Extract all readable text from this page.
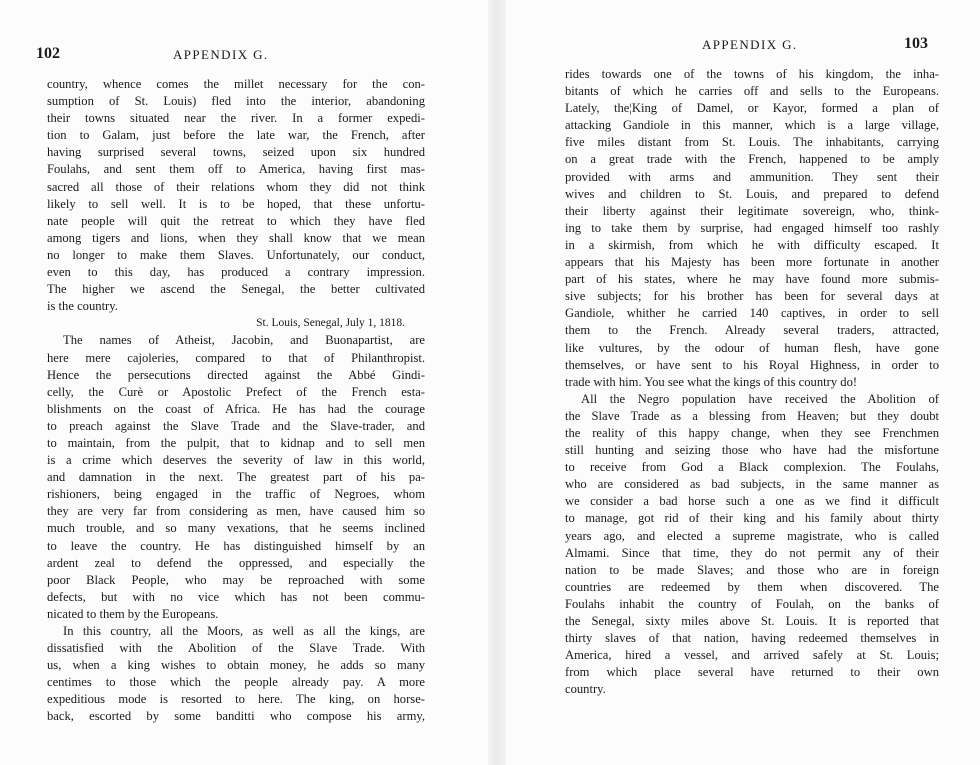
102	APPENDIX G.
country, whence comes the millet necessary for the con-
sumption of St. Louis) fled into the interior, abandoning
their towns situated near the river. In a former expedi-
tion to Galam, just before the late war, the French, after
having surprised several towns, seized upon six hundred
Foulahs, and sent them off to America, having first mas-
sacred all those of their relations whom they did not think
likely to sell well. It is to be hoped, that these unfortu-
nate people will quit the retreat to which they have fled
among tigers and lions, when they shall know that we mean
no longer to make them Slaves. Unfortunately, our conduct,
even to this day, has produced a contrary impression.
The higher we ascend the Senegal, the better cultivated
is the country.
St. Louis, Senegal, July 1, 1818.
The names of Atheist, Jacobin, and Buonapartist, are
here mere cajoleries, compared to that of Philanthropist.
Hence the persecutions directed against the Abbé Gindi-
celly, the Curè or Apostolic Prefect of the French esta-
blishments on the coast of Africa. He has had the courage
to preach against the Slave Trade and the Slave-trader, and
to maintain, from the pulpit, that to kidnap and to sell men
is a crime which deserves the severity of law in this world,
and damnation in the next. The greatest part of his pa-
rishioners, being engaged in the traffic of Negroes, whom
they are very far from considering as men, have caused him so
much trouble, and so many vexations, that he seems inclined
to leave the country. He has distinguished himself by an
ardent zeal to defend the oppressed, and especially the
poor Black People, who may be reproached with some
defects, but with no vice which has not been commu-
nicated to them by the Europeans.
In this country, all the Moors, as well as all the kings, are
dissatisfied with the Abolition of the Slave Trade. With
us, when a king wishes to obtain money, he adds so many
centimes to those which the people already pay. A more
expeditious mode is resorted to here. The king, on horse-
back, escorted by some banditti who compose his army,
APPENDIX G.	103
rides towards one of the towns of his kingdom, the inha-
bitants of which he carries off and sells to the Europeans.
Lately, the¦King of Damel, or Kayor, formed a plan of
attacking Gandiole in this manner, which is a large village,
five miles distant from St. Louis. The inhabitants, carrying
on a great trade with the French, happened to be amply
provided with arms and ammunition. They sent their
wives and children to St. Louis, and prepared to defend
their liberty against their legitimate sovereign, who, think-
ing to take them by surprise, had engaged himself too rashly
in a skirmish, from which he with difficulty escaped. It
appears that his Majesty has been more fortunate in another
part of his states, where he may have found more submis-
sive subjects; for his brother has been for several days at
Gandiole, whither he carried 140 captives, in order to sell
them to the French. Already several traders, attracted,
like vultures, by the odour of human flesh, have gone
themselves, or have sent to his Royal Highness, in order to
trade with him. You see what the kings of this country do!
All the Negro population have received the Abolition of
the Slave Trade as a blessing from Heaven; but they doubt
the reality of this happy change, when they see Frenchmen
still hunting and seizing those who have had the misfortune
to receive from God a Black complexion. The Foulahs,
who are considered as bad subjects, in the same manner as
we consider a bad horse such a one as we find it difficult
to manage, got rid of their king and his family about thirty
years ago, and elected a supreme magistrate, who is called
Almami. Since that time, they do not permit any of their
nation to be made Slaves; and those who are in foreign
countries are redeemed by them when discovered. The
Foulahs inhabit the country of Foulah, on the banks of
the Senegal, sixty miles above St. Louis. It is reported that
thirty slaves of that nation, having redeemed themselves in
America, hired a vessel, and arrived safely at St. Louis;
from which place several have returned to their own
country.
